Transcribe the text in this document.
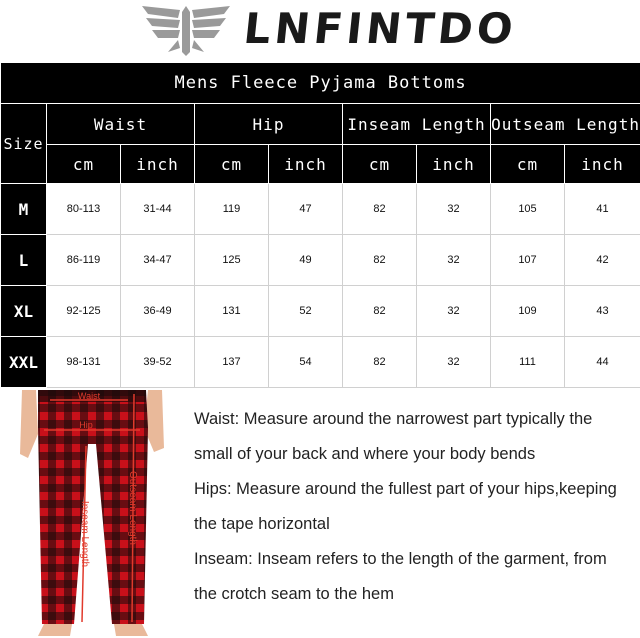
LNFINTDO
Mens Fleece Pyjama Bottoms								
Size	Waist		Hip		Inseam Length		Outseam Length	
	cm	inch	cm	inch	cm	inch	cm	inch
M	80-113	31-44	119	47	82	32	105	41
L	86-119	34-47	125	49	82	32	107	42
XL	92-125	36-49	131	52	82	32	109	43
XXL	98-131	39-52	137	54	82	32	111	44
Waist
Hip
Inseam Length	Outseam Length

Waist: Measure around the narrowest part typically the small of your back and where your body bends

Hips: Measure around the fullest part of your hips,keeping the tape horizontal

Inseam: Inseam refers to the length of the garment, from the crotch seam to the hem
